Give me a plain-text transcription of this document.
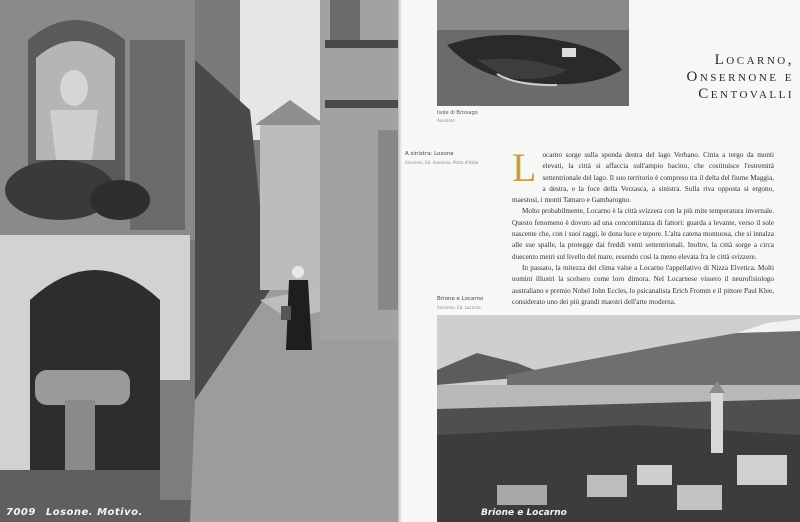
7009 Losone. Motivo.
Isole di Brissago
Anonimo
Locarno,
Onsernone e
Centovalli
A sinistra: Losone
Anonimo. Ed. Anonimo, Porta d'Italia Locarno sorge sulla sponda destra del lago Verbano. Cinta a tergo da monti elevati, la città si affaccia sull'ampio bacino, che costituisce l'estremità settentrionale del lago. Il suo territorio è compreso tra il delta del fiume Maggia, a destra, e la foce della Verzasca, a sinistra. Sulla riva opposta si ergono, maestosi, i monti Tamaro e Gambarogno.

Molto probabilmente, Locarno è la città svizzera con la più mite temperatura invernale. Questo fenomeno è dovuto ad una concomitanza di fattori: guarda a levante, verso il sole nascente che, con i suoi raggi, le dona luce e tepore. L'alta catena montuosa, che si innalza alle sue spalle, la protegge dai freddi venti settentrionali. Inoltre, la città sorge a circa duecento metri sul livello del mare, essendo così la meno elevata fra le città svizzere.

In passato, la mitezza del clima valse a Locarno l'appellativo di Nizza Elvetica. Molti uomini illustri la scelsero come loro dimora. Nel Locarnese vissero il neurofisiologo australiano e premio Nobel John Eccles, lo psicanalista Erich Fromm e il pittore Paul Klee, considerato uno dei più grandi maestri dell'arte moderna.

Brione e Locarno
Anonimo. Ed. Locarno
Brione e Locarno
